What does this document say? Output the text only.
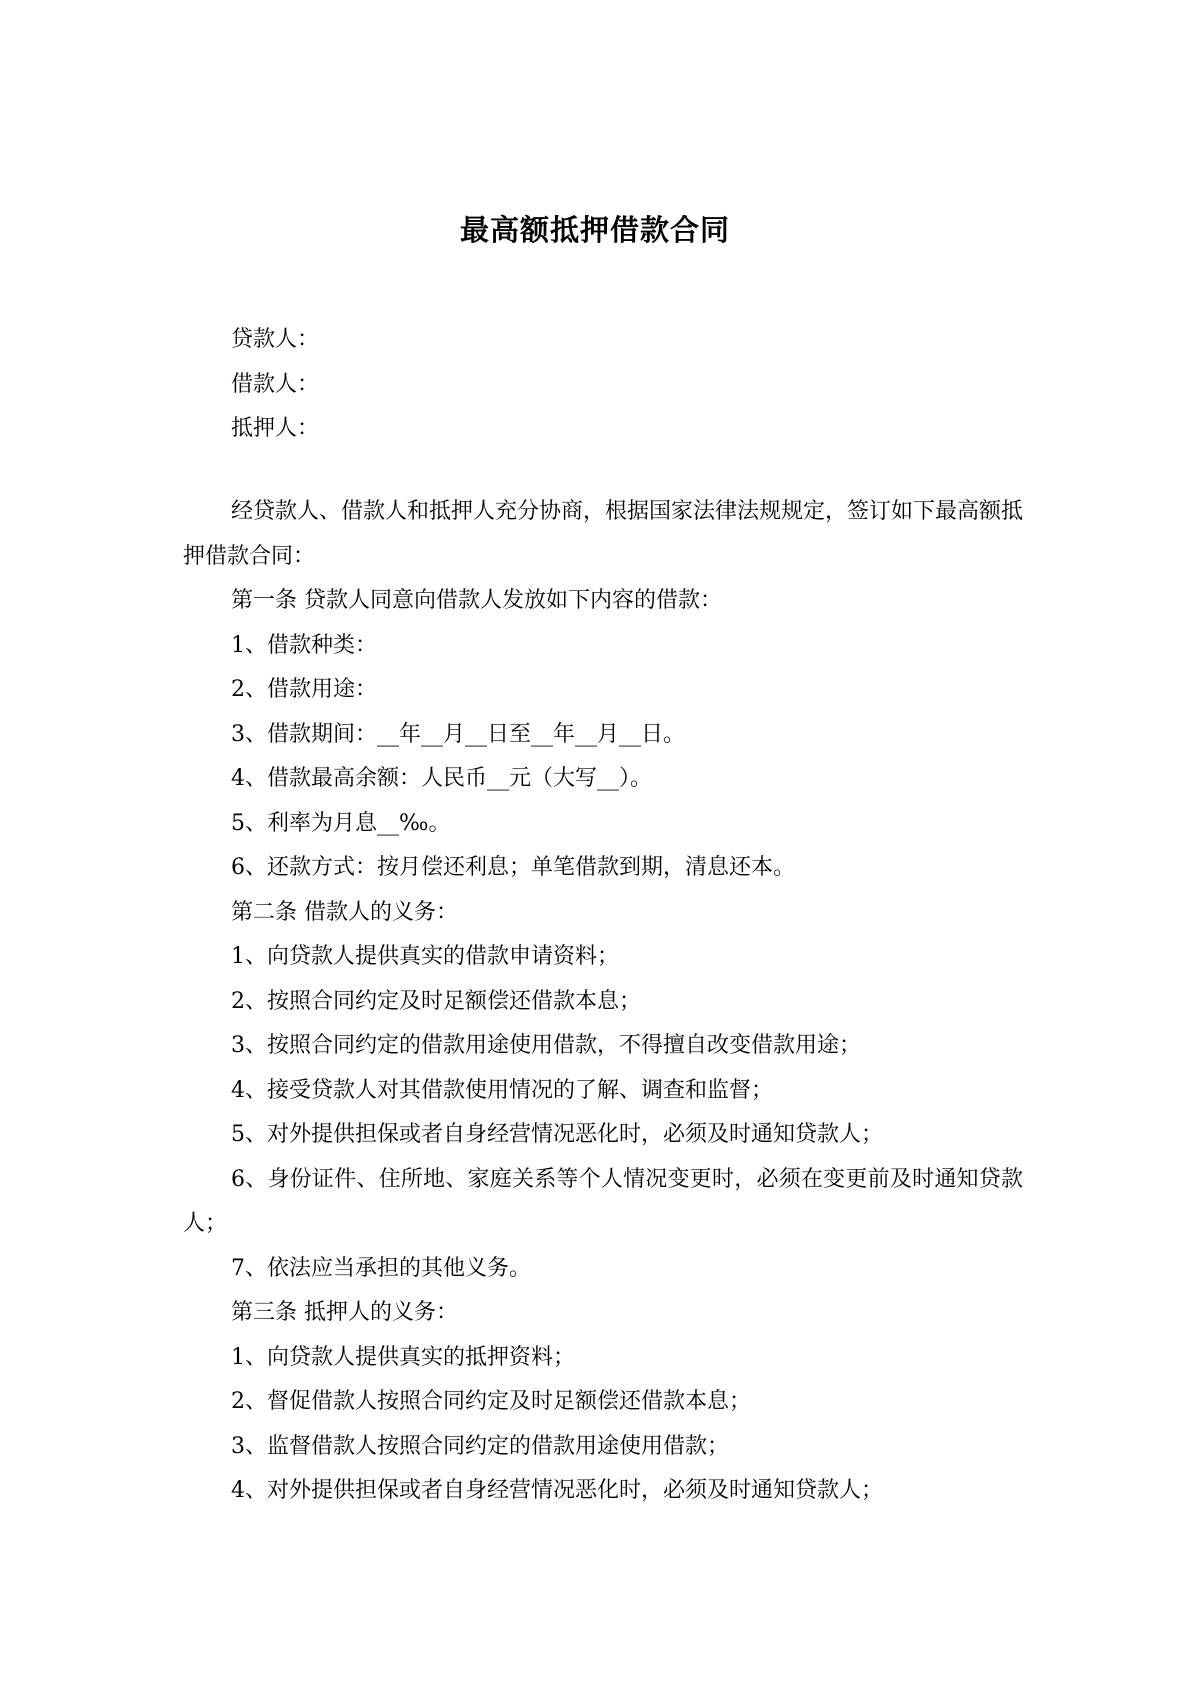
最高额抵押借款合同

贷款人：

借款人：

抵押人：

经贷款人、借款人和抵押人充分协商，根据国家法律法规规定，签订如下最高额抵押借款合同：

第一条 贷款人同意向借款人发放如下内容的借款：

1、借款种类：

2、借款用途：

3、借款期间：__年__月__日至__年__月__日。

4、借款最高余额：人民币__元（大写__）。

5、利率为月息__‰。

6、还款方式：按月偿还利息；单笔借款到期，清息还本。

第二条 借款人的义务：

1、向贷款人提供真实的借款申请资料；

2、按照合同约定及时足额偿还借款本息；

3、按照合同约定的借款用途使用借款，不得擅自改变借款用途；

4、接受贷款人对其借款使用情况的了解、调查和监督；

5、对外提供担保或者自身经营情况恶化时，必须及时通知贷款人；

6、身份证件、住所地、家庭关系等个人情况变更时，必须在变更前及时通知贷款人；

7、依法应当承担的其他义务。

第三条 抵押人的义务：

1、向贷款人提供真实的抵押资料；

2、督促借款人按照合同约定及时足额偿还借款本息；

3、监督借款人按照合同约定的借款用途使用借款；

4、对外提供担保或者自身经营情况恶化时，必须及时通知贷款人；
